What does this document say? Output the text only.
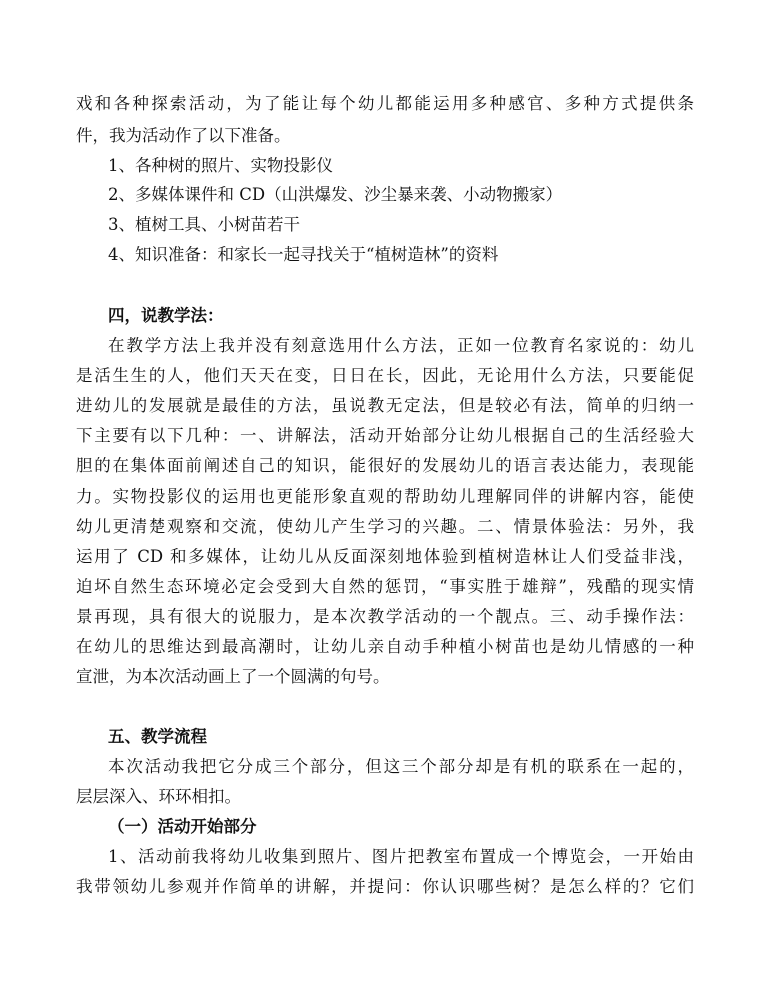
戏和各种探索活动，为了能让每个幼儿都能运用多种感官、多种方式提供条
件，我为活动作了以下准备。
1、各种树的照片、实物投影仪
2、多媒体课件和 CD（山洪爆发、沙尘暴来袭、小动物搬家）
3、植树工具、小树苗若干
4、知识准备：和家长一起寻找关于“植树造林”的资料
四，说教学法：
在教学方法上我并没有刻意选用什么方法，正如一位教育名家说的：幼儿
是活生生的人，他们天天在变，日日在长，因此，无论用什么方法，只要能促
进幼儿的发展就是最佳的方法，虽说教无定法，但是较必有法，简单的归纳一
下主要有以下几种：一、讲解法，活动开始部分让幼儿根据自己的生活经验大
胆的在集体面前阐述自己的知识，能很好的发展幼儿的语言表达能力，表现能
力。实物投影仪的运用也更能形象直观的帮助幼儿理解同伴的讲解内容，能使
幼儿更清楚观察和交流，使幼儿产生学习的兴趣。二、情景体验法：另外，我
运用了 CD 和多媒体，让幼儿从反面深刻地体验到植树造林让人们受益非浅，
迫坏自然生态环境必定会受到大自然的惩罚，“事实胜于雄辩”，残酷的现实情
景再现，具有很大的说服力，是本次教学活动的一个靓点。三、动手操作法：
在幼儿的思维达到最高潮时，让幼儿亲自动手种植小树苗也是幼儿情感的一种
宣泄，为本次活动画上了一个圆满的句号。
五、教学流程
本次活动我把它分成三个部分，但这三个部分却是有机的联系在一起的，
层层深入、环环相扣。
（一）活动开始部分
1、活动前我将幼儿收集到照片、图片把教室布置成一个博览会，一开始由
我带领幼儿参观并作简单的讲解，并提问：你认识哪些树？是怎么样的？它们
